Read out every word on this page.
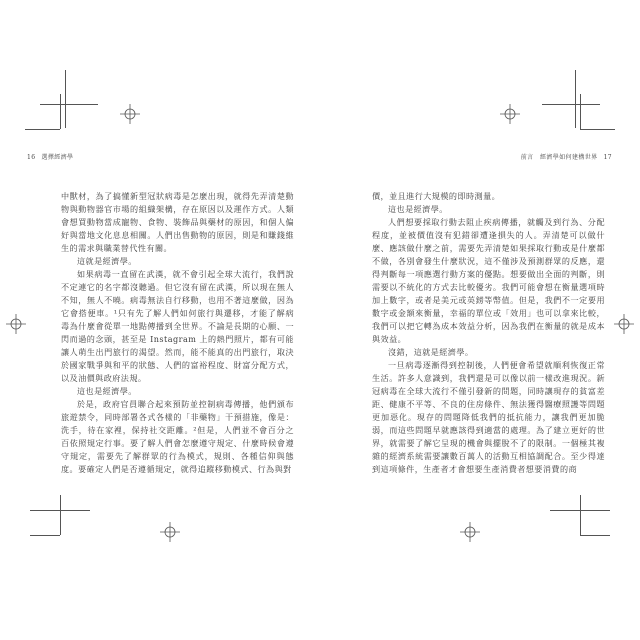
16 選擇經濟學

中獸材，為了搞懂新型冠狀病毒是怎麼出現，就得先弄清楚動物與動物器官市場的組織架構，存在原因以及運作方式。人類會想買動物當成寵物、食物、裝飾品與藥材的原因，和個人偏好與當地文化息息相關。人們出售動物的原因，則是和賺錢維生的需求與職業替代性有關。

這就是經濟學。

如果病毒一直留在武漢，就不會引起全球大流行，我們說不定連它的名字都沒聽過。但它沒有留在武漢，所以現在無人不知，無人不曉。病毒無法自行移動，也用不著這麼做，因為它會搭便車。¹只有先了解人們如何旅行與遷移，才能了解病毒為什麼會從單一地點傳播到全世界。不論是長期的心願、一閃而過的念頭，甚至是 Instagram 上的熱門照片，都有可能讓人萌生出門旅行的渴望。然而，能不能真的出門旅行，取決於國家戰爭與和平的狀態、人們的富裕程度、財富分配方式，以及油價與政府法規。

這也是經濟學。

於是，政府官員聯合起來預防並控制病毒傳播，他們頒布旅遊禁令，同時部署各式各樣的「非藥物」干預措施，像是：洗手，待在家裡，保持社交距離。²但是，人們並不會百分之百依照規定行事。要了解人們會怎麼遵守規定、什麼時候會遵守規定，需要先了解群眾的行為模式，規則、各種信仰與態度。要確定人們是否遵循規定，就得追蹤移動模式、行為與對

前言　經濟學如何建構世界 17

價，並且進行大規模的即時測量。

這也是經濟學。

人們想要採取行動去阻止疾病傳播，就觸及到行為、分配程度，並被價值沒有犯錯卻遭逢損失的人。弄清楚可以做什麼、應該做什麼之前，需要先弄清楚如果採取行動或是什麼都不做，各別會發生什麼狀況，這不僅涉及預測群眾的反應，還得判斷每一項應選行動方案的優點。想要做出全面的判斷，則需要以不統化的方式去比較優劣。我們可能會想在衡量選項時加上數字，或者是美元或英鎊等幣值。但是，我們不一定要用數字或金額來衡量，幸福的單位或「效用」也可以拿來比較，我們可以把它轉為成本效益分析，因為我們在衡量的就是成本與效益。

沒錯，這就是經濟學。

一旦病毒逐漸得到控制後，人們便會希望就順利恢復正常生活。許多人意識到，我們還是可以像以前一樣改進現況。新冠病毒在全球大流行不僅引發新的問題，同時讓現存的貧富差距、健康不平等、不良的住房條件、無法獲得醫療照護等問題更加惡化。現存的問題降低我們的抵抗能力，讓我們更加脆弱，而這些問題早就應該得到適當的處理。為了建立更好的世界，就需要了解它呈現的機會與擺脫不了的限制。一個極其複雜的經濟系統需要讓數百萬人的活動互相協調配合。至少得達到這項條件，生產者才會想要生產消費者想要消費的商
